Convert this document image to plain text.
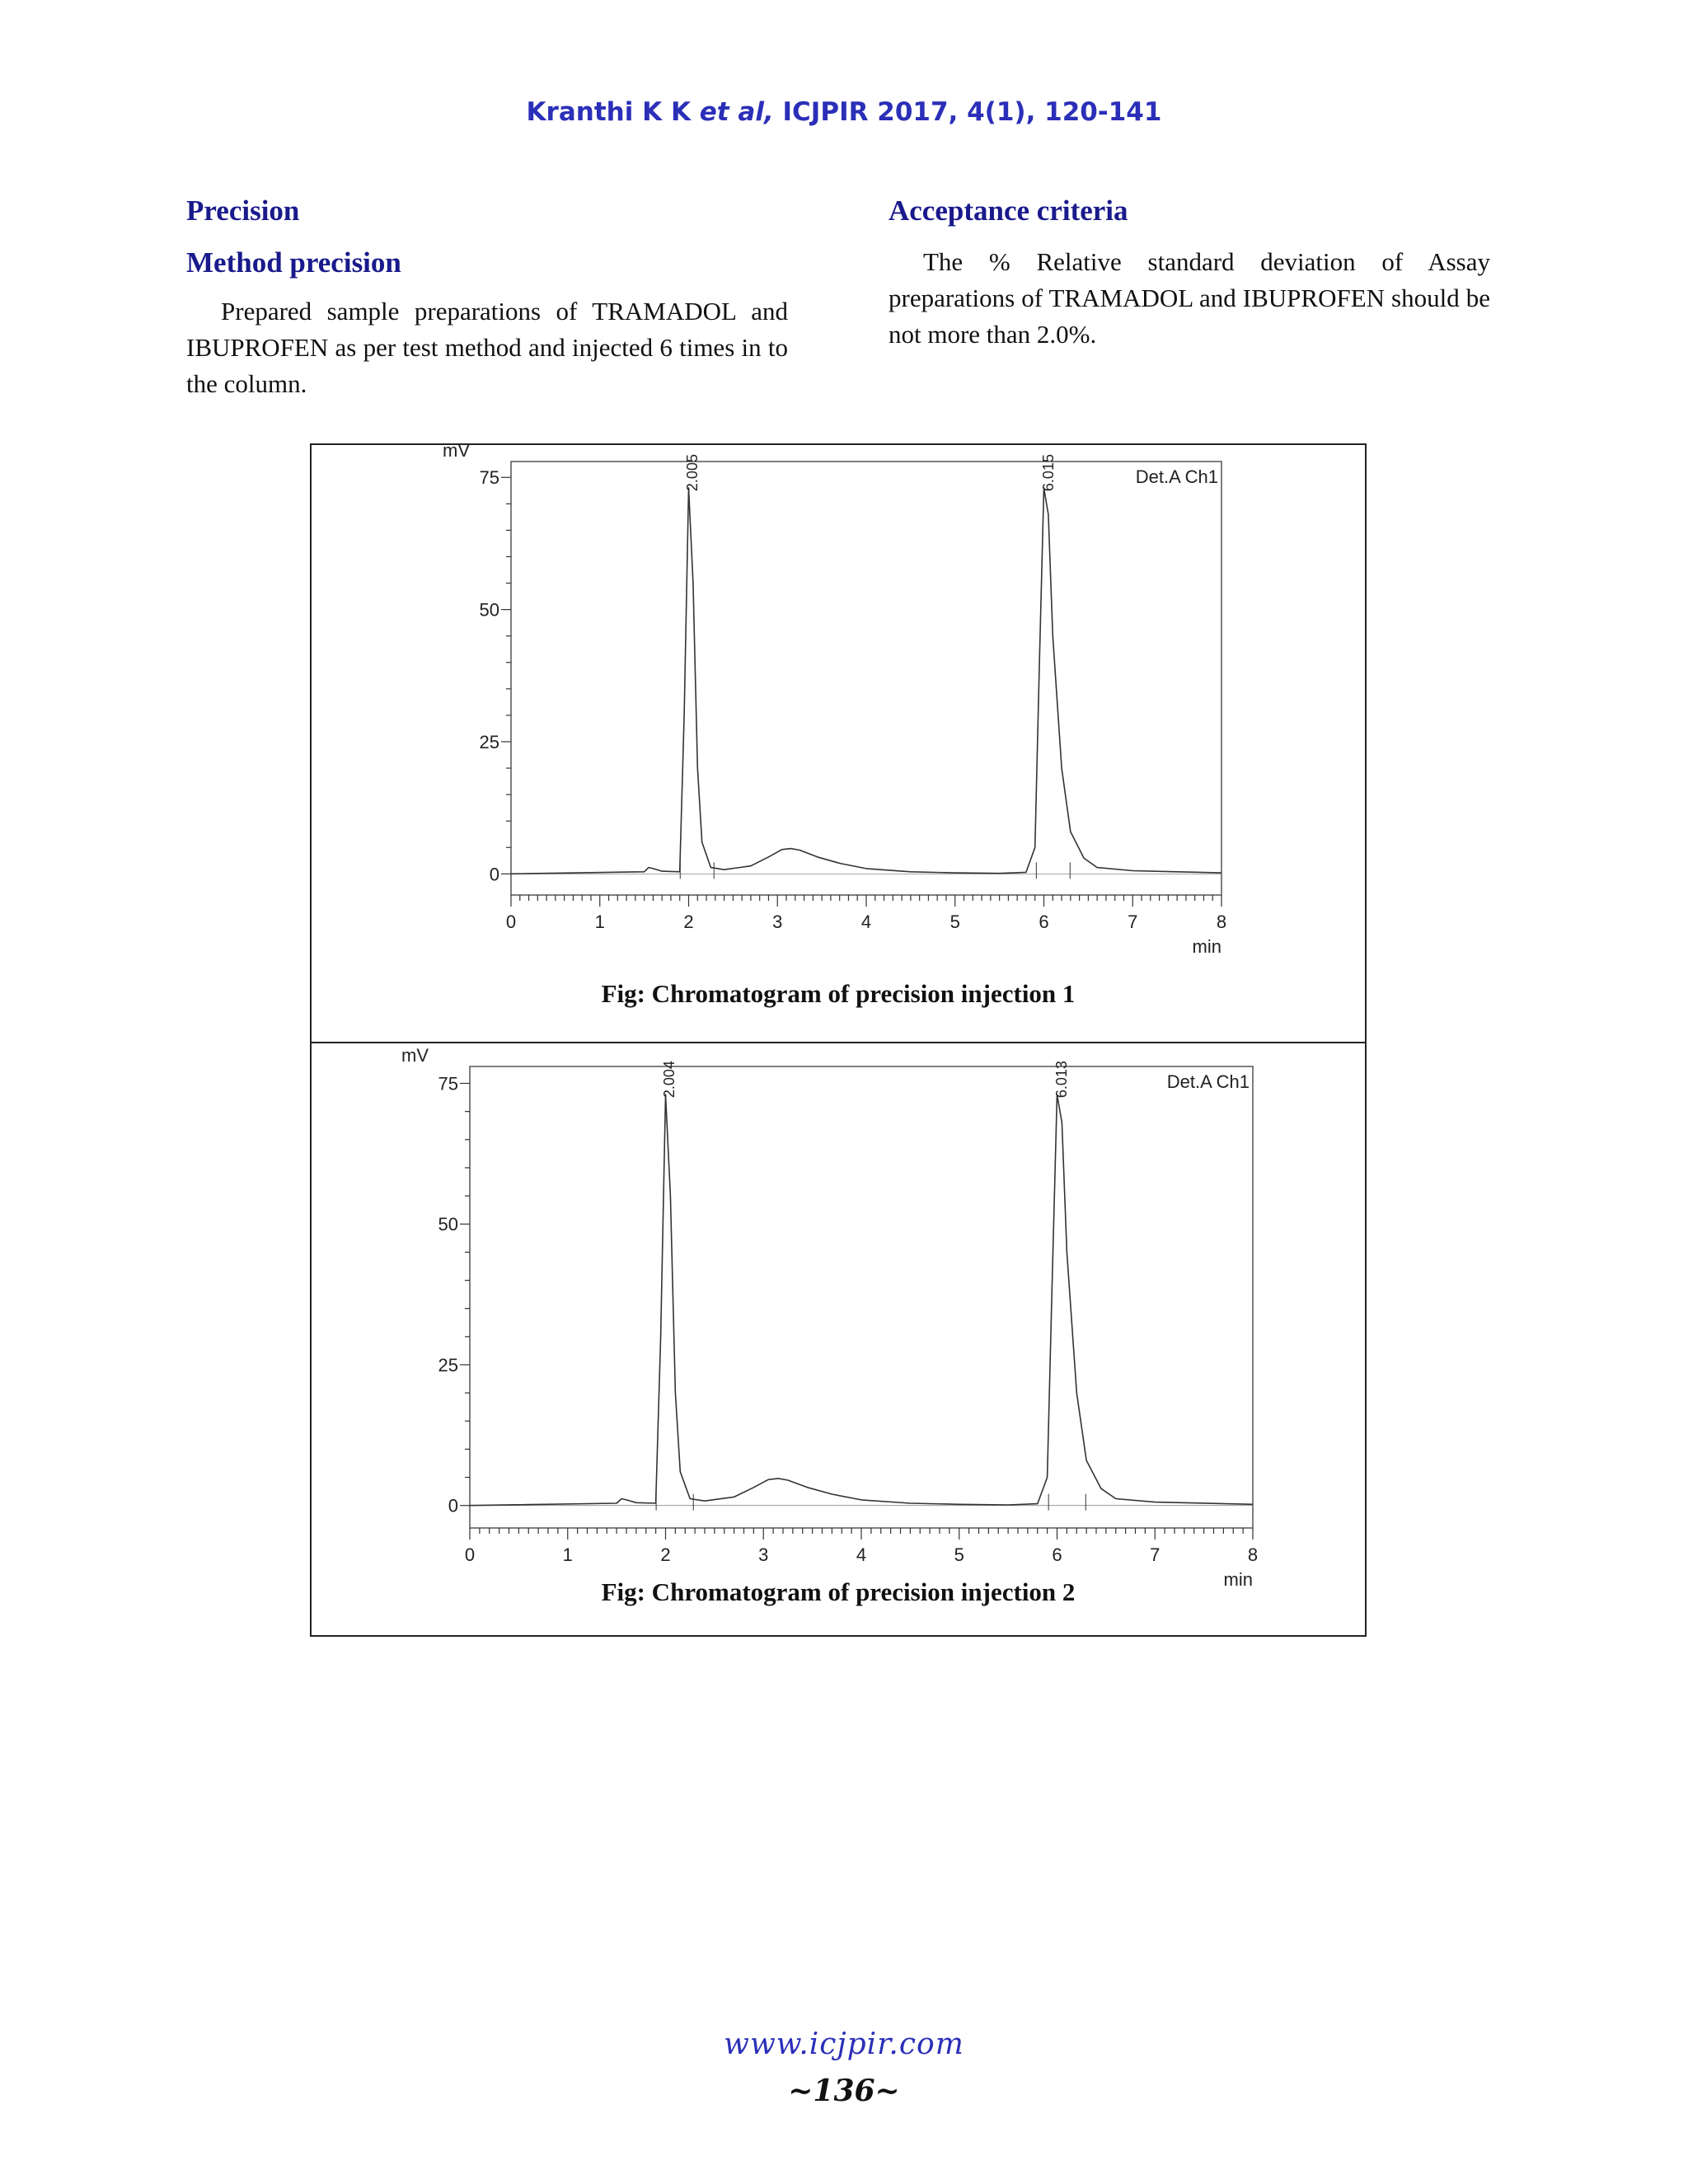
Kranthi K K et al, ICJPIR 2017, 4(1), 120-141
Precision
Method precision

Prepared sample preparations of TRAMADOL and IBUPROFEN as per test method and injected 6 times in to the column.

Acceptance criteria

The % Relative standard deviation of Assay preparations of TRAMADOL and IBUPROFEN should be not more than 2.0%.

0
25
50
75
mV
0	1	2	3	4	5	6	7	8
min
Det.A Ch1
2.005	6.015
Fig: Chromatogram of precision injection 1
0
25
50
75
mV
0	1	2	3	4	5	6	7	8
min
Det.A Ch1
2.004	6.013
Fig: Chromatogram of precision injection 2
www.icjpir.com
~136~
